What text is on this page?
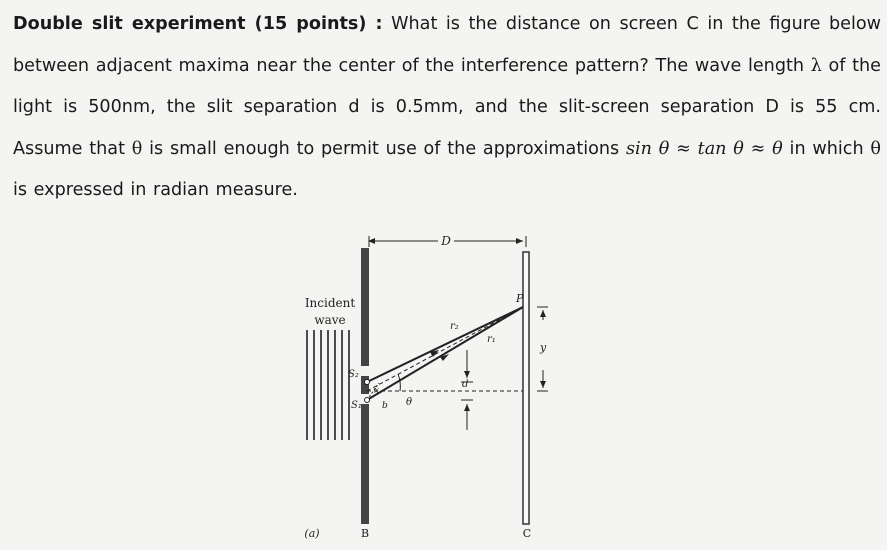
Double slit experiment (15 points) : What is the distance on screen C in the figure below between adjacent maxima near the center of the interference pattern? The wave length λ of the light is 500nm, the slit separation d is 0.5mm, and the slit-screen separation D is 55 cm. Assume that θ is small enough to permit use of the approximations sin θ ≈ tan θ ≈ θ in which θ is expressed in radian measure.
Incident
wave
D
P
y
r₂
r₁
S₂
S₁
x
b θ
d
(a)	B	C
